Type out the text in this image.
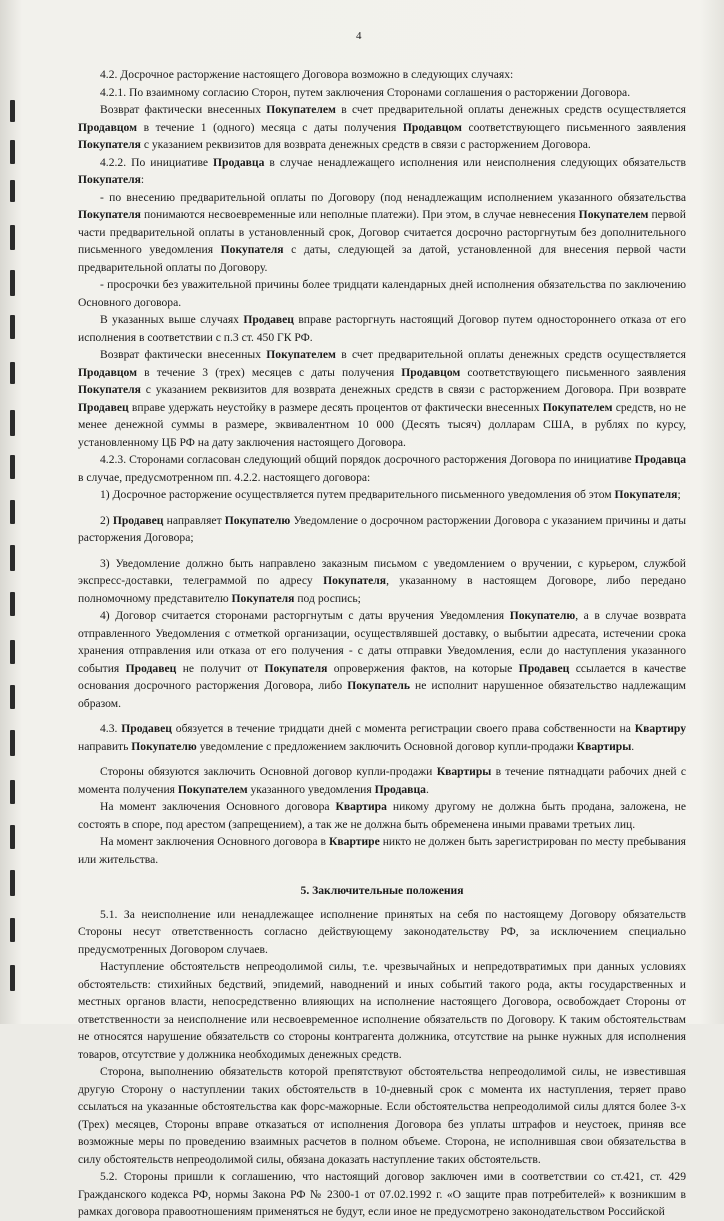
4

4.2. Досрочное расторжение настоящего Договора возможно в следующих случаях:

4.2.1. По взаимному согласию Сторон, путем заключения Сторонами соглашения о расторжении Договора.

Возврат фактически внесенных Покупателем в счет предварительной оплаты денежных средств осуществляется Продавцом в течение 1 (одного) месяца с даты получения Продавцом соответствующего письменного заявления Покупателя с указанием реквизитов для возврата денежных средств в связи с расторжением Договора.

4.2.2. По инициативе Продавца в случае ненадлежащего исполнения или неисполнения следующих обязательств Покупателя:

- по внесению предварительной оплаты по Договору (под ненадлежащим исполнением указанного обязательства Покупателя понимаются несвоевременные или неполные платежи). При этом, в случае невнесения Покупателем первой части предварительной оплаты в установленный срок, Договор считается досрочно расторгнутым без дополнительного письменного уведомления Покупателя с даты, следующей за датой, установленной для внесения первой части предварительной оплаты по Договору.

- просрочки без уважительной причины более тридцати календарных дней исполнения обязательства по заключению Основного договора.

В указанных выше случаях Продавец вправе расторгнуть настоящий Договор путем одностороннего отказа от его исполнения в соответствии с п.3 ст. 450 ГК РФ.

Возврат фактически внесенных Покупателем в счет предварительной оплаты денежных средств осуществляется Продавцом в течение 3 (трех) месяцев с даты получения Продавцом соответствующего письменного заявления Покупателя с указанием реквизитов для возврата денежных средств в связи с расторжением Договора. При возврате Продавец вправе удержать неустойку в размере десять процентов от фактически внесенных Покупателем средств, но не менее денежной суммы в размере, эквивалентном 10 000 (Десять тысяч) долларам США, в рублях по курсу, установленному ЦБ РФ на дату заключения настоящего Договора.

4.2.3. Сторонами согласован следующий общий порядок досрочного расторжения Договора по инициативе Продавца в случае, предусмотренном пп. 4.2.2. настоящего договора:

1) Досрочное расторжение осуществляется путем предварительного письменного уведомления об этом Покупателя;

2) Продавец направляет Покупателю Уведомление о досрочном расторжении Договора с указанием причины и даты расторжения Договора;

3) Уведомление должно быть направлено заказным письмом с уведомлением о вручении, с курьером, службой экспресс-доставки, телеграммой по адресу Покупателя, указанному в настоящем Договоре, либо передано полномочному представителю Покупателя под роспись;

4) Договор считается сторонами расторгнутым с даты вручения Уведомления Покупателю, а в случае возврата отправленного Уведомления с отметкой организации, осуществлявшей доставку, о выбытии адресата, истечении срока хранения отправления или отказа от его получения - с даты отправки Уведомления, если до наступления указанного события Продавец не получит от Покупателя опровержения фактов, на которые Продавец ссылается в качестве основания досрочного расторжения Договора, либо Покупатель не исполнит нарушенное обязательство надлежащим образом.

4.3. Продавец обязуется в течение тридцати дней с момента регистрации своего права собственности на Квартиру направить Покупателю уведомление с предложением заключить Основной договор купли-продажи Квартиры.

Стороны обязуются заключить Основной договор купли-продажи Квартиры в течение пятнадцати рабочих дней с момента получения Покупателем указанного уведомления Продавца.

На момент заключения Основного договора Квартира никому другому не должна быть продана, заложена, не состоять в споре, под арестом (запрещением), а так же не должна быть обременена иными правами третьих лиц.

На момент заключения Основного договора в Квартире никто не должен быть зарегистрирован по месту пребывания или жительства.

5. Заключительные положения

5.1. За неисполнение или ненадлежащее исполнение принятых на себя по настоящему Договору обязательств Стороны несут ответственность согласно действующему законодательству РФ, за исключением специально предусмотренных Договором случаев.

Наступление обстоятельств непреодолимой силы, т.е. чрезвычайных и непредотвратимых при данных условиях обстоятельств: стихийных бедствий, эпидемий, наводнений и иных событий такого рода, акты государственных и местных органов власти, непосредственно влияющих на исполнение настоящего Договора, освобождает Стороны от ответственности за неисполнение или несвоевременное исполнение обязательств по Договору. К таким обстоятельствам не относятся нарушение обязательств со стороны контрагента должника, отсутствие на рынке нужных для исполнения товаров, отсутствие у должника необходимых денежных средств.

Сторона, выполнению обязательств которой препятствуют обстоятельства непреодолимой силы, не известившая другую Сторону о наступлении таких обстоятельств в 10-дневный срок с момента их наступления, теряет право ссылаться на указанные обстоятельства как форс-мажорные. Если обстоятельства непреодолимой силы длятся более 3-х (Трех) месяцев, Стороны вправе отказаться от исполнения Договора без уплаты штрафов и неустоек, приняв все возможные меры по проведению взаимных расчетов в полном объеме. Сторона, не исполнившая свои обязательства в силу обстоятельств непреодолимой силы, обязана доказать наступление таких обстоятельств.

5.2. Стороны пришли к соглашению, что настоящий договор заключен ими в соответствии со ст.421, ст. 429 Гражданского кодекса РФ, нормы Закона РФ № 2300-1 от 07.02.1992 г. «О защите прав потребителей» к возникшим в рамках договора правоотношениям применяться не будут, если иное не предусмотрено законодательством Российской
